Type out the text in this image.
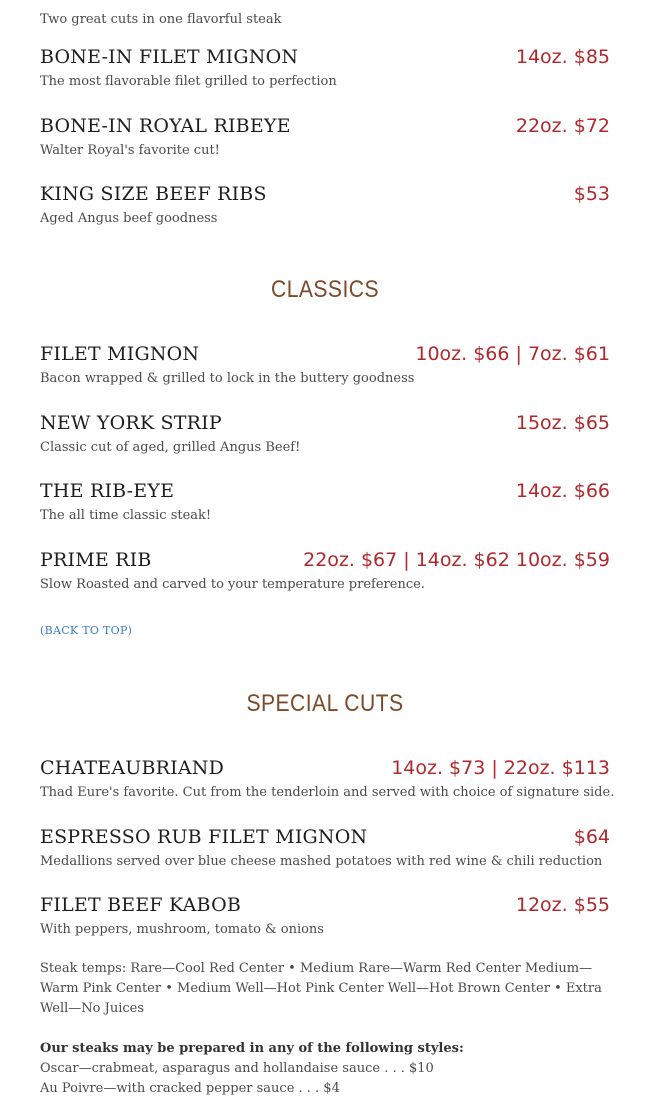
Two great cuts in one flavorful steak
BONE-IN FILET MIGNON	14oz. $85
The most flavorable filet grilled to perfection
BONE-IN ROYAL RIBEYE	22oz. $72
Walter Royal's favorite cut!
KING SIZE BEEF RIBS	$53
Aged Angus beef goodness
CLASSICS
FILET MIGNON	10oz. $66 | 7oz. $61
Bacon wrapped & grilled to lock in the buttery goodness
NEW YORK STRIP	15oz. $65
Classic cut of aged, grilled Angus Beef!
THE RIB-EYE	14oz. $66
The all time classic steak!
PRIME RIB	22oz. $67 | 14oz. $62 10oz. $59
Slow Roasted and carved to your temperature preference.
(BACK TO TOP)
SPECIAL CUTS
CHATEAUBRIAND	14oz. $73 | 22oz. $113
Thad Eure's favorite. Cut from the tenderloin and served with choice of signature side.
ESPRESSO RUB FILET MIGNON	$64
Medallions served over blue cheese mashed potatoes with red wine & chili reduction
FILET BEEF KABOB	12oz. $55
With peppers, mushroom, tomato & onions
Steak temps: Rare—Cool Red Center • Medium Rare—Warm Red Center Medium—Warm Pink Center • Medium Well—Hot Pink Center Well—Hot Brown Center • Extra Well—No Juices
Our steaks may be prepared in any of the following styles:
Oscar—crabmeat, asparagus and hollandaise sauce . . . $10
Au Poivre—with cracked pepper sauce . . . $4
